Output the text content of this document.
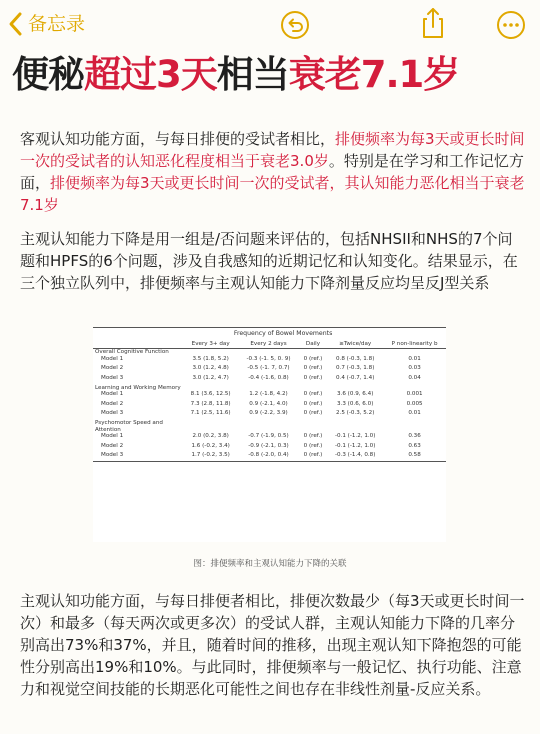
备忘录
便秘超过3天相当衰老7.1岁
客观认知功能方面，与每日排便的受试者相比，排便频率为每3天或更长时间一次的受试者的认知恶化程度相当于衰老3.0岁。特别是在学习和工作记忆方面，排便频率为每3天或更长时间一次的受试者，其认知能力恶化相当于衰老7.1岁
主观认知能力下降是用一组是/否问题来评估的，包括NHSII和NHS的7个问题和HPFS的6个问题，涉及自我感知的近期记忆和认知变化。结果显示，在三个独立队列中，排便频率与主观认知能力下降剂量反应均呈反J型关系
	Frequency of Bowel Movements				
	Every 3+ day	Every 2 days	Daily	≥Twice/day	P non-linearity b
Overall Cognitive Function					
Model 1	3.5 (1.8, 5.2)	-0.3 (-1. 5, 0. 9)	0 (ref.)	0.8 (-0.3, 1.8)	0.01

Model 2	3.0 (1.2, 4.8)	-0.5 (-1. 7, 0.7)	0 (ref.)	0.7 (-0.3, 1.8)	0.03

Model 3	3.0 (1.2, 4.7)	-0.4 (-1.6, 0.8)	0 (ref.)	0.4 (-0.7, 1.4)	0.04

Learning and Working Memory					
Model 1	8.1 (3.6, 12.5)	1.2 (-1.8, 4.2)	0 (ref.)	3.6 (0.9, 6.4)	0.001

Model 2	7.3 (2.8, 11.8)	0.9 (-2.1, 4.0)	0 (ref.)	3.3 (0.6, 6.0)	0.005

Model 3	7.1 (2.5, 11.6)	0.9 (-2.2, 3.9)	0 (ref.)	2.5 (-0.3, 5.2)	0.01

Psychomotor Speed and Attention					
Model 1	2.0 (0.2, 3.8)	-0.7 (-1.9, 0.5)	0 (ref.)	-0.1 (-1.2, 1.0)	0.36

Model 2	1.6 (-0.2, 3.4)	-0.9 (-2.1, 0.3)	0 (ref.)	-0.1 (-1.2, 1.0)	0.63

Model 3	1.7 (-0.2, 3.5)	-0.8 (-2.0, 0.4)	0 (ref.)	-0.3 (-1.4, 0.8)	0.58

图：排便频率和主观认知能力下降的关联
主观认知功能方面，与每日排便者相比，排便次数最少（每3天或更长时间一次）和最多（每天两次或更多次）的受试人群，主观认知能力下降的几率分别高出73%和37%，并且，随着时间的推移，出现主观认知下降抱怨的可能性分别高出19%和10%。与此同时，排便频率与一般记忆、执行功能、注意力和视觉空间技能的长期恶化可能性之间也存在非线性剂量-反应关系。
